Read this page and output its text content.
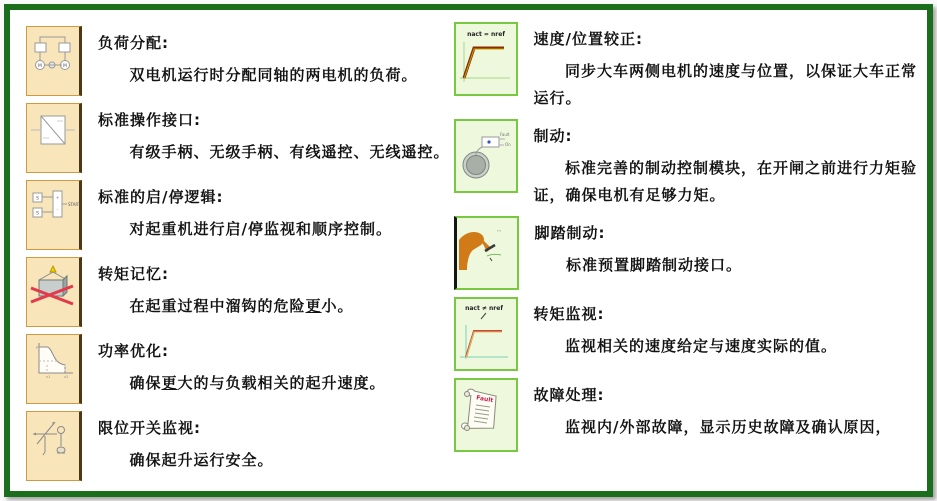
M	M
负荷分配:
双电机运行时分配同轴的两电机的负荷。
标准操作接口:
有级手柄、无级手柄、有线遥控、无线遥控。
S
S
+
-
START 标准的启/停逻辑:
对起重机进行启/停监视和顺序控制。
转矩记忆:
在起重过程中溜钩的危险更小。
P
v1	v2
功率优化:
确保更大的与负载相关的起升速度。
限位开关监视:
确保起升运行安全。
nact = nref 速度/位置较正:
同步大车两侧电机的速度与位置，以保证大车正常运行。
Fault
On 制动:
标准完善的制动控制模块，在开闸之前进行力矩验证，确保电机有足够力矩。
''' 脚踏制动:
标准预置脚踏制动接口。
nact ≠ nref 转矩监视:
监视相关的速度给定与速度实际的值。
Fault	故障处理:
监视内/外部故障，显示历史故障及确认原因，
